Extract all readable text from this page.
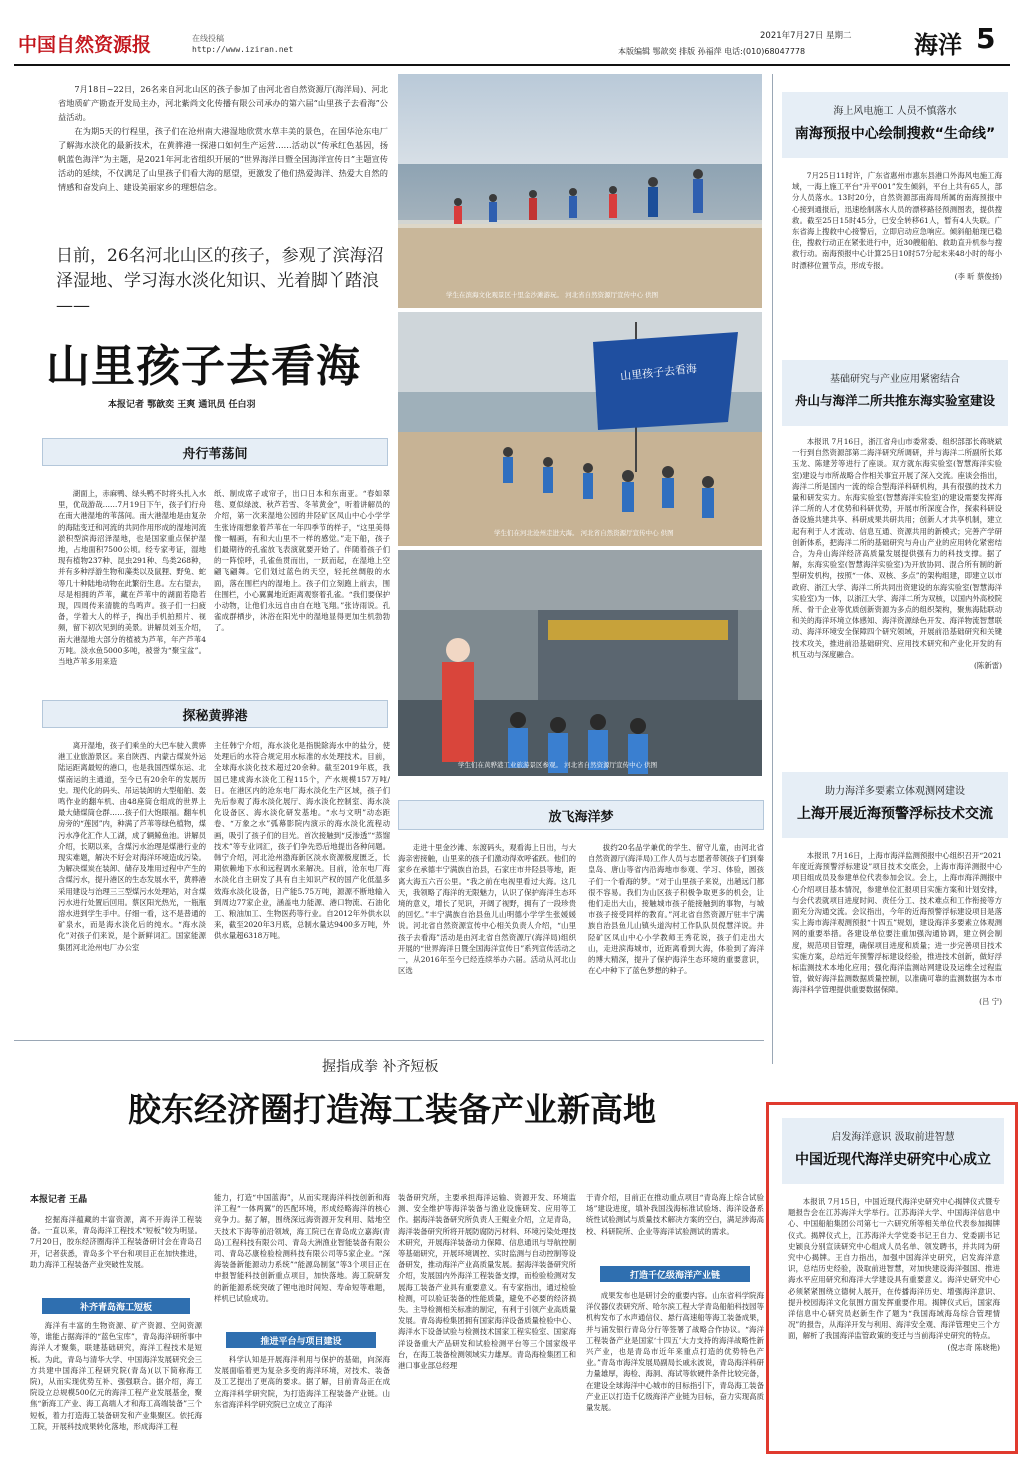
中国自然资源报	在线投稿
http://www.iziran.net
2021年7月27日 星期二
本版编辑 鄂歆奕 排版 孙福萍 电话:(010)68047778	海洋 5

7月18日~22日，26名来自河北山区的孩子参加了由河北省自然资源厅(海洋局)、河北省地质矿产勘查开发局主办，河北紫尚文化传播有限公司承办的第六届“山里孩子去看海”公益活动。

在为期5天的行程里，孩子们在沧州南大港湿地欣赏水草丰美的景色，在国华沧东电厂了解海水淡化的最新技术，在黄骅港一探港口如何生产运营……活动以“传承红色基因，扬帆蓝色海洋”为主题，是2021年河北省组织开展的“世界海洋日暨全国海洋宣传日”主题宣传活动的延续，不仅满足了山里孩子们看大海的愿望，更激发了他们热爱海洋、热爱大自然的情感和奋发向上、建设美丽家乡的理想信念。

日前，26名河北山区的孩子，参观了滨海沼泽湿地、学习海水淡化知识、光着脚丫踏浪——
山里孩子去看海
本报记者 鄂歆奕 王爽 通讯员 任白羽
舟行苇荡间
湖面上，赤麻鸭、绿头鸭不时将头扎入水里，优哉游哉……7月19日下午，孩子们行舟在南大港湿地的苇荡间。南大港湿地是由复杂的海陆变迁和河流的共同作用形成的湿地河流淤积型滨海沼泽湿地，也是国家重点保护湿地，占地面积7500公顷。经专家考证，湿地现有植物237种、昆虫291种、鸟类268种，并有多种浮游生物和藻类以及鼠狸、野兔、蛇等几十种陆地动物在此繁衍生息。左右望去，尽是相拥的芦苇，藏在芦苇中的湖面若隐若现，四周传来清脆的鸟鸣声。孩子们一扫疲备，学着大人的样子，掏出手机拍照片、视频，留下初次见到的美景。讲解员刘玉介绍，南大港湿地大部分的植被为芦苇，年产芦苇4万吨。淡水鱼5000多吨，被誉为“聚宝盆”。当地芦苇多用来造
纸、制成席子或帘子，出口日本和东南亚。“春如翠毯、夏似绿波、秋芦若雪、冬苇黄金”，听着讲解员的介绍，第一次来湿地公园的井陉矿区凤山中心小学学生张诗雨想象着芦苇在一年四季节的样子，“这里美得像一幅画，有和大山里不一样的感觉。”走下船，孩子们最期待的孔雀放飞表演就要开始了。伴随着孩子们的一阵惊呼，孔雀鱼贯而出，一跃而起，在湿地上空翩飞翩舞。它们划过蓝色的天空，轻托丝绸般的水面，落在围栏内的湿地上。孩子们立刻跑上前去，围住围栏，小心翼翼地近距离观察着孔雀。“我们要保护小动物，让他们永远自由自在地飞翔。”张诗雨说。孔雀成群栖步，沐浴在阳光中的湿地显得更加生机勃勃了。
探秘黄骅港
离开湿地，孩子们乘坐的大巴车驶入黄骅港工业旅游景区。来自陕西、内蒙古煤炭外运陆运距离最短的港口，也是我国西煤东运、北煤南运的主通道，至今已有20余年的发展历史。现代化的码头、吊运装卸的大型船舶、轰鸣作业的翻车机、由48座筒仓组成的世界上最大储煤筒仓群……孩子们大饱眼福。翻车机房旁的“莲园”内，种满了芦苇等绿色植物，煤污水净化汇作人工湖，成了辆鲸鱼池。讲解员介绍，长期以来，含煤污水治理是煤港行业的现实难题，解决不好会对海洋环境造成污染。为解决煤炭在装卸、储存及堆用过程中产生的含煤污水，提升港区的生态发展水平，黄骅港采用建设与治理三三型煤污水处理站，对含煤污水进行处置后回用。蔡区阳光热光，一瓶瓶溶水进到学生手中。仔细一看，这不是普通的矿泉水，而是海水淡化后的纯水。“海水淡化”对孩子们来说，是个新鲜词汇。国家能源集团河北沧州电厂办公室
主任韩宁介绍，海水淡化是指脱除海水中的盐分，使处理后的水符合规定用水标准的水处理技术。目前，全球海水淡化技术超过20余种。截至2019年底，我国已建成海水淡化工程115个，产水规模157万吨/日。在港区内的沧东电厂海水淡化生产区域，孩子们先后参观了海水淡化展厅、海水淡化控制室、海水淡化设备区、海水淡化研发基地。“水与文明”动态距卷、“万象之水”弧幕影院内演示的海水淡化流程动画，吸引了孩子们的目光。首次接触到“反渗透”“蒸馏技术”等专业词汇，孩子们争先恐后地提出各种问题。韩宁介绍，河北沧州渤海新区淡水资源极度匮乏，长期依赖地下水和远程调水来解决。目前，沧东电厂海水淡化自主研发了具有自主知识产权的国产化低温多效海水淡化设备，日产能5.75万吨，源源不断地输入到周边77家企业，涵盖电力能源、港口物流、石油化工、粮油加工、生物医药等行业。自2012年外供水以来，截至2020年3月底，总制水量达9400多万吨，外供水量超6318万吨。
学生在滨海文化观景区十里金沙滩游玩。 河北省自然资源厅宣传中心 供图
山里孩子去看海
学生们在河北沧州走进大海。 河北省自然资源厅宣传中心 供图
学生们在黄骅港工业旅游景区参观。 河北省自然资源厅宣传中心 供图
放飞海洋梦
走进十里金沙滩、东渡码头，观看海上日出，与大海亲密接触，山里来的孩子们激动得欢呼雀跃。他们的家乡在承德丰宁满族自治县，石家庄市井陉县等地，距离大海五六百公里。“我之前在电视里看过大海。这几天，我领略了海洋的无限魅力，认识了保护海洋生态环境的意义，增长了见识，开阔了视野，拥有了一段珍贵的回忆。”丰宁满族自治县鱼儿山明德小学学生张媛媛说。河北省自然资源宣传中心相关负责人介绍，“山里孩子去看海”活动是由河北省自然资源厅(海洋局)组织开展的“世界海洋日暨全国海洋宣传日”系列宣传活动之一，从2016年至今已经连续举办六届。活动从河北山区选
拔约20名品学兼优的学生、留守儿童，由河北省自然资源厅(海洋局)工作人员与志愿者带领孩子们到秦皇岛、唐山等省内沿海地市参观、学习、体验，圆孩子们一个看海的梦。“对于山里孩子来说，出趟远门都很不容易。我们为山区孩子积极争取更多的机会，让他们走出大山，接触城市孩子能接触到的事物，与城市孩子接受同样的教育。”河北省自然资源厅驻丰宁满族自治县鱼儿山镇头道沟村工作队队员倪慧洋说。井陉矿区凤山中心小学教师王秀花说，孩子们走出大山，走进滨海城市，近距离看到大海，体验到了海洋的博大精深，提升了保护海洋生态环境的重要意识，在心中种下了蓝色梦想的种子。
海上风电施工 人员不慎落水
南海预报中心绘制搜救“生命线”

7月25日11时许，广东省惠州市惠东县港口外海风电施工海域，一海上施工平台“升平001”发生倾斜，平台上共有65人，部分人员落水。13时20分，自然资源部南海局所属的南海预报中心接到通报后，迅速绘制落水人员的漂移路径预测图表，提供搜救。截至25日15时45分，已安全转移61人，暂有4人失联。广东省海上搜救中心接警后，立即启动应急响应。倾斜船舶现已稳住，搜救行动正在紧张进行中，近30艘船舶、救助直升机参与搜救行动。南海预报中心计算25日10时57分起未来48小时的每小时漂移位置节点，形成专报。

(李 昕 蔡俊扬)
基础研究与产业应用紧密结合
舟山与海洋二所共推东海实验室建设

本报讯 7月16日，浙江省舟山市委常委、组织部部长蒋晓斌一行到自然资源部第二海洋研究所调研，并与海洋二所副所长郑玉龙、陈建芳等进行了座谈。双方就东海实验室(智慧海洋实验室)建设与市所战略合作相关事宜开展了深入交流。座谈会指出，海洋二所是国内一流的综合型海洋科研机构，具有很强的技术力量和研发实力。东海实验室(智慧海洋实验室)的建设需要发挥海洋二所的人才优势和科研优势，开展市所深度合作，探索科研设备设施共建共享、科研成果共研共用；创新人才共享机制，建立起有利于人才流动、信息互通、资源共用的新模式；完善产学研创新体系，把海洋二所的基础研究与舟山产业的应用转化紧密结合，为舟山海洋经济高质量发展提供强有力的科技支撑。据了解，东海实验室(智慧海洋实验室)为开放协同、混合所有制的新型研发机构，按照“一体、双核、多点”的架构组建，即建立以市政府、浙江大学、海洋二所共同出资建设的东海实验室(智慧海洋实验室)为一体，以浙江大学、海洋二所为双核，以国内外高校院所、骨干企业等优质创新资源为多点的组织架构，聚焦海陆联动和关的海洋环境立体感知、海洋资源绿色开发、海洋物流智慧联动、海洋环境安全保障四个研究领域，开展前沿基础研究和关键技术攻关，推进前沿基础研究、应用技术研究和产业化开发的有机互动与深度融合。

(陈新雷)
助力海洋多要素立体观测网建设
上海开展近海预警浮标技术交流

本报讯 7月16日，上海市海洋监测预报中心组织召开“2021年度近海预警浮标建设”项目技术交底会，上海市海洋测报中心项目组成员及参建单位代表参加会议。会上，上海市海洋测报中心介绍项目基本情况，参建单位汇报项目实施方案和计划安排，与会代表就项目进度时间、责任分工、技术难点和工作衔接等方面充分沟通交流。会议指出，今年的近海预警浮标建设项目是落实上海市海洋观测预报“十四五”规划，建设海洋多要素立体观测网的重要举措。各建设单位要注重加强沟通协调，建立例会制度，规范项目管理，确保项目进度和质量；进一步完善项目技术实施方案，总结近年预警浮标建设经验，推进技术创新，做好浮标监测技术本地化应用；强化海洋监测站网建设及运维全过程监管，做好海洋监测数据质量控制，以准确可靠的监测数据为本市海洋科学管理提供重要数据保障。

(吕 宁)
启发海洋意识 汲取前进智慧
中国近现代海洋史研究中心成立

本报讯 7月15日，中国近现代海洋史研究中心揭牌仪式暨专题报告会在江苏海洋大学举行。江苏海洋大学、中国海洋信息中心、中国船舶集团公司第七一六研究所等相关单位代表参加揭牌仪式。揭牌仪式上，江苏海洋大学党委书记王自力、党委副书记史颖良分别宣读研究中心组成人员名单、领发聘书，并共同为研究中心揭牌。王自力指出，加强中国海洋史研究，启发海洋意识，总结历史经验，汲取前进智慧，对加快建设海洋强国、推进海水平应用研究和海洋大学建设具有重要意义。海洋史研究中心必须紧紧围绕立德树人展开，在传播海洋历史、增强海洋意识、提升校园海洋文化氛围方面发挥重要作用。揭牌仪式后，国家海洋信息中心研究员赵新生作了题为“我国海域海岛综合管理情况”的报告，从海洋开发与利用、海洋安全观、海洋管理史三个方面，解析了我国海洋监管政策的变迁与当前海洋史研究的特点。

(倪志奇 陈晓艳)
握指成拳 补齐短板
胶东经济圈打造海工装备产业新高地
本报记者 王晶
挖掘海洋蕴藏的丰富资源，离不开海洋工程装备。一直以来，青岛海洋工程技术“短板”较为明显。7月20日，胶东经济圈海洋工程装备研讨会在青岛召开，记者获悉，青岛多个平台和项目正在加快推进，助力海洋工程装备产业突破性发展。
补齐青岛海工短板
海洋有丰富的生物资源、矿产资源、空间资源等，谁能占据海洋的“蓝色宝库”，青岛海洋研所事中海洋人才聚集，联建基础研究，海洋工程技术是短板。为此，青岛与清华大学、中国海洋发展研究会三方共建中国海洋工程研究院(青岛)(以下简称海工院)，从而实现优势互补、强强联合。据介绍，海工院设立总规模500亿元的海洋工程产业发展基金，聚焦“新海工产业、海工高端人才和海工高端装备”三个短板，着力打造海工装备研发和产业集聚区。依托海工院，开展科技成果转化落地，形成海洋工程
能力，打造“中国蓝海”，从而实现海洋科技创新和海洋工程“一体两翼”的匹配环境，形成经略海洋的核心竞争力。据了解，围绕深远海资源开发利用、陆地空天技术下海等前沿领域，海工院已在青岛成立嘉海(青岛)工程科技有限公司、青岛大洲渔业智能装备有限公司、青岛芯康检验检测科技有限公司等5家企业。“深海装备新能源动力系统”“能源岛制氢”等3个项目正在申报智能科技创新重点项目，加快落地。海工院研发的新能源系统突破了锂电池时间短、寿命短等难题，样机已试验成功。
推进平台与项目建设
科学认知是开展海洋利用与保护的基础，向深海发展面临着更为复杂多变的海洋环境，对技术、装备及工艺提出了更高的要求。据了解，目前青岛正在成立海洋科学研究院，为打造海洋工程装备产业链。山东省海洋科学研究院已立成立了海洋
装备研究所，主要承担海洋运输、资源开发、环境监测、安全维护等海洋装备与渔业设施研发、应用等工作。据海洋装备研究所负责人王鲲业介绍，立足青岛，海洋装备研究所将开展防腐防污材料、环境污染处理技术研究，开展海洋装备动力保障、信息通讯与导航控制等基础研究，开展环境调控、实时监测与自动控制等设备研发，推动海洋产业高质量发展。据海洋装备研究所介绍，发展国内外海洋工程装备支撑，而检验检测对发展海工装备产业具有重要意义。有专家指出，通过检验检测，可以验证装备的性能质量，避免不必要的经济损失。主导检测相关标准的制定，有利于引领产业高质量发展。青岛海检集团拥有国家海洋设备质量检验中心、海洋水下设备试验与检测技术国家工程实验室、国家海洋设备重大产品研发和试验检测平台等三个国家级平台，在海工装备检测领域实力雄厚。青岛海检集团工和港口事业部总经理
于青介绍，目前正在推动重点项目“青岛海上综合试验场”建设进度，填补我国浅海标准试验场、海洋设备系统性试验测试与质量技术解决方案的空白，满足涉海高校、科研院所、企业等海洋试验测试的需求。
打造千亿级海洋产业链
成果发布也是研讨会的重要内容。山东省科学院海洋仪器仪表研究所、哈尔滨工程大学青岛船舶科技园等机构发布了水声通信仪、悬行高速船等海工装备成果，并与浦发银行青岛分行等签署了战略合作协议。“海洋工程装备产业是国家‘十四五’大力支持的海洋战略性新兴产业，也是青岛市近年来重点打造的优势特色产业。”青岛市海洋发展局副局长戚永波说，青岛海洋科研力量雄厚，海检、海洞、海试等软硬件条件比较完备，在建设全球海洋中心城市的目标指引下，青岛海工装备产业正以打造千亿级海洋产业链为目标，奋力实现高质量发展。
